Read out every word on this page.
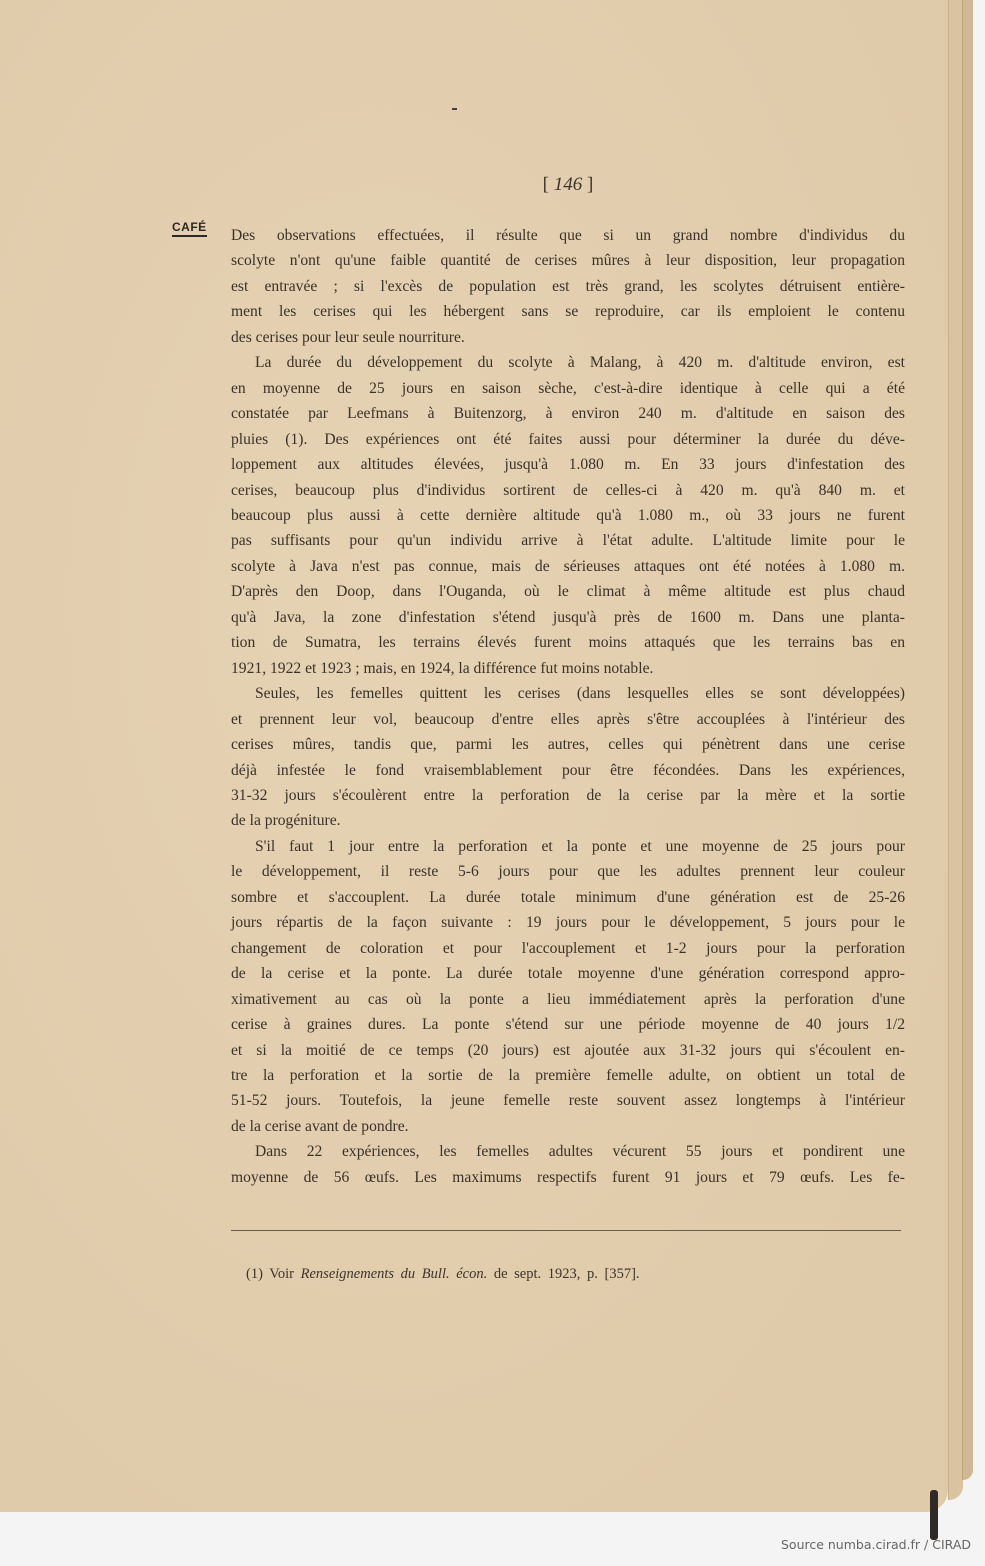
[ 146 ]
CAFÉ Des observations effectuées, il résulte que si un grand nombre d'individus du
scolyte n'ont qu'une faible quantité de cerises mûres à leur disposition, leur propagation
est entravée ; si l'excès de population est très grand, les scolytes détruisent entière-
ment les cerises qui les hébergent sans se reproduire, car ils emploient le contenu
des cerises pour leur seule nourriture.
La durée du développement du scolyte à Malang, à 420 m. d'altitude environ, est
en moyenne de 25 jours en saison sèche, c'est-à-dire identique à celle qui a été
constatée par Leefmans à Buitenzorg, à environ 240 m. d'altitude en saison des
pluies (1). Des expériences ont été faites aussi pour déterminer la durée du déve-
loppement aux altitudes élevées, jusqu'à 1.080 m. En 33 jours d'infestation des
cerises, beaucoup plus d'individus sortirent de celles-ci à 420 m. qu'à 840 m. et
beaucoup plus aussi à cette dernière altitude qu'à 1.080 m., où 33 jours ne furent
pas suffisants pour qu'un individu arrive à l'état adulte. L'altitude limite pour le
scolyte à Java n'est pas connue, mais de sérieuses attaques ont été notées à 1.080 m.
D'après den Doop, dans l'Ouganda, où le climat à même altitude est plus chaud
qu'à Java, la zone d'infestation s'étend jusqu'à près de 1600 m. Dans une planta-
tion de Sumatra, les terrains élevés furent moins attaqués que les terrains bas en
1921, 1922 et 1923 ; mais, en 1924, la différence fut moins notable.
Seules, les femelles quittent les cerises (dans lesquelles elles se sont développées)
et prennent leur vol, beaucoup d'entre elles après s'être accouplées à l'intérieur des
cerises mûres, tandis que, parmi les autres, celles qui pénètrent dans une cerise
déjà infestée le fond vraisemblablement pour être fécondées. Dans les expériences,
31-32 jours s'écoulèrent entre la perforation de la cerise par la mère et la sortie
de la progéniture.
S'il faut 1 jour entre la perforation et la ponte et une moyenne de 25 jours pour
le développement, il reste 5-6 jours pour que les adultes prennent leur couleur
sombre et s'accouplent. La durée totale minimum d'une génération est de 25-26
jours répartis de la façon suivante : 19 jours pour le développement, 5 jours pour le
changement de coloration et pour l'accouplement et 1-2 jours pour la perforation
de la cerise et la ponte. La durée totale moyenne d'une génération correspond appro-
ximativement au cas où la ponte a lieu immédiatement après la perforation d'une
cerise à graines dures. La ponte s'étend sur une période moyenne de 40 jours 1/2
et si la moitié de ce temps (20 jours) est ajoutée aux 31-32 jours qui s'écoulent en-
tre la perforation et la sortie de la première femelle adulte, on obtient un total de
51-52 jours. Toutefois, la jeune femelle reste souvent assez longtemps à l'intérieur
de la cerise avant de pondre.
Dans 22 expériences, les femelles adultes vécurent 55 jours et pondirent une
moyenne de 56 œufs. Les maximums respectifs furent 91 jours et 79 œufs. Les fe-
(1) Voir Renseignements du Bull. écon. de sept. 1923, p. [357].
Source numba.cirad.fr / CIRAD
